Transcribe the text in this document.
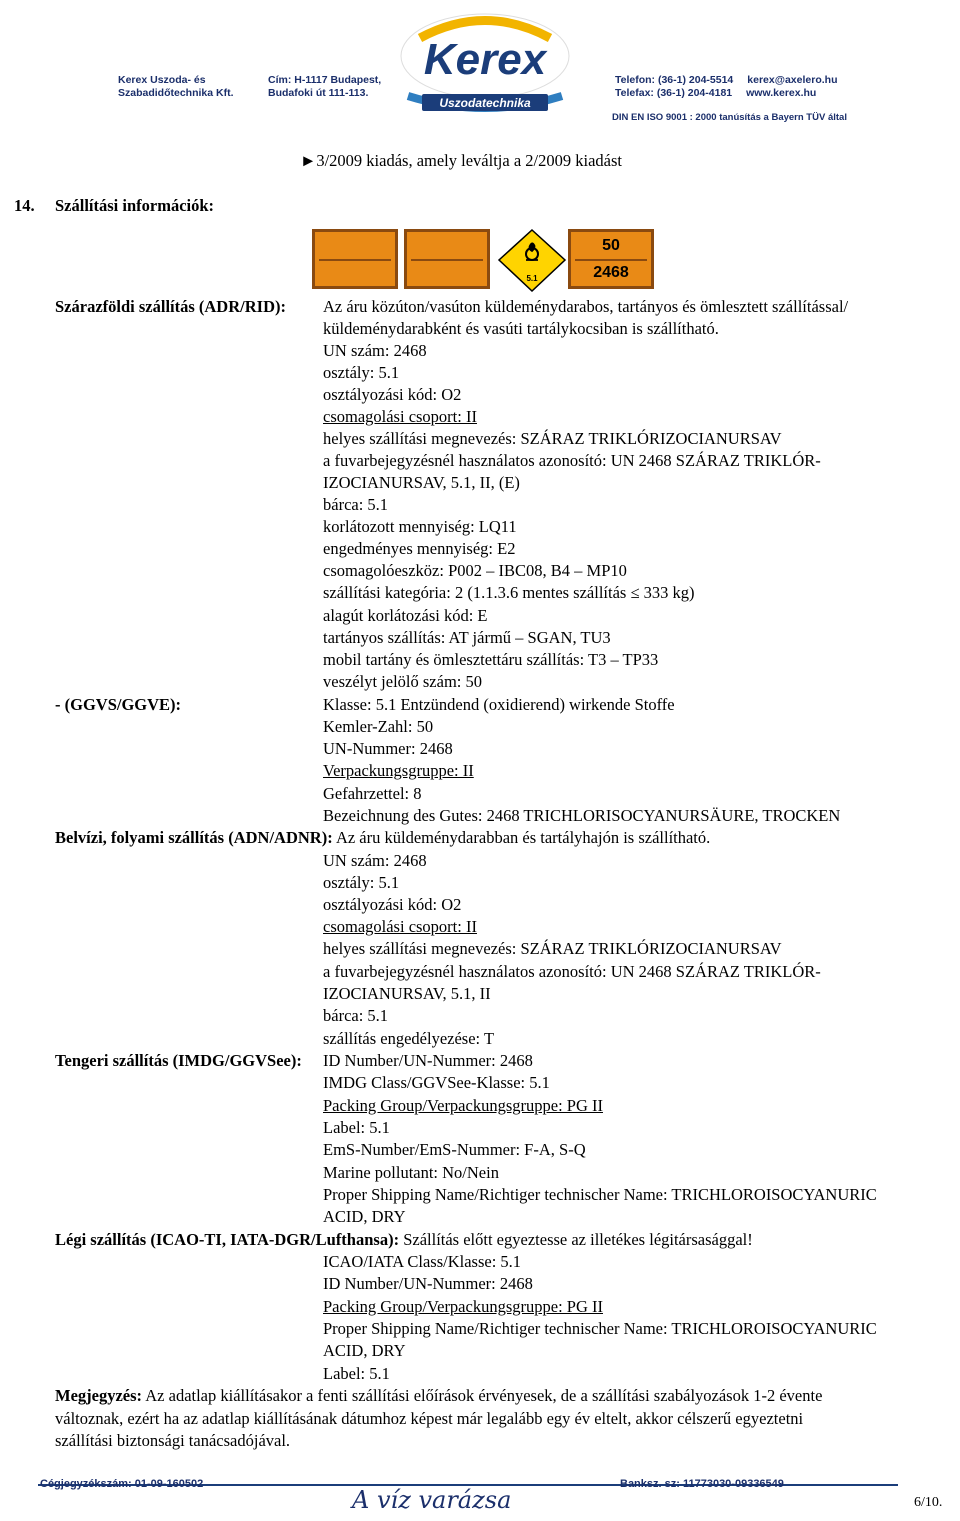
Kerex
Uszodatechnika
Kerex Uszoda- és
Szabadidőtechnika Kft.
Cím: H-1117 Budapest,
Budafoki út 111-113.
Telefon: (36-1) 204-5514 kerex@axelero.hu
Telefax: (36-1) 204-4181 www.kerex.hu
DIN EN ISO 9001 : 2000 tanúsítás a Bayern TÜV által
►3/2009 kiadás, amely leváltja a 2/2009 kiadást
14. Szállítási információk:
5.1
50
2468
Szárazföldi szállítás (ADR/RID): Az áru közúton/vasúton küldeménydarabos, tartányos és ömlesztett szállítással/
küldeménydarabként és vasúti tartálykocsiban is szállítható.
UN szám: 2468
osztály: 5.1
osztályozási kód: O2
csomagolási csoport: II
helyes szállítási megnevezés: SZÁRAZ TRIKLÓRIZOCIANURSAV
a fuvarbejegyzésnél használatos azonosító: UN 2468 SZÁRAZ TRIKLÓR-
IZOCIANURSAV, 5.1, II, (E)
bárca: 5.1
korlátozott mennyiség: LQ11
engedményes mennyiség: E2
csomagolóeszköz: P002 – IBC08, B4 – MP10
szállítási kategória: 2 (1.1.3.6 mentes szállítás ≤ 333 kg)
alagút korlátozási kód: E
tartányos szállítás: AT jármű – SGAN, TU3
mobil tartány és ömlesztettáru szállítás: T3 – TP33
veszélyt jelölő szám: 50
- (GGVS/GGVE):	Klasse: 5.1 Entzündend (oxidierend) wirkende Stoffe
Kemler-Zahl: 50
UN-Nummer: 2468
Verpackungsgruppe: II
Gefahrzettel: 8
Bezeichnung des Gutes: 2468 TRICHLORISOCYANURSÄURE, TROCKEN
Belvízi, folyami szállítás (ADN/ADNR): Az áru küldeménydarabban és tartályhajón is szállítható.
UN szám: 2468
osztály: 5.1
osztályozási kód: O2
csomagolási csoport: II
helyes szállítási megnevezés: SZÁRAZ TRIKLÓRIZOCIANURSAV
a fuvarbejegyzésnél használatos azonosító: UN 2468 SZÁRAZ TRIKLÓR-
IZOCIANURSAV, 5.1, II
bárca: 5.1
szállítás engedélyezése: T
Tengeri szállítás (IMDG/GGVSee): ID Number/UN-Nummer: 2468
IMDG Class/GGVSee-Klasse: 5.1
Packing Group/Verpackungsgruppe: PG II
Label: 5.1
EmS-Number/EmS-Nummer: F-A, S-Q
Marine pollutant: No/Nein
Proper Shipping Name/Richtiger technischer Name: TRICHLOROISOCYANURIC
ACID, DRY
Légi szállítás (ICAO-TI, IATA-DGR/Lufthansa): Szállítás előtt egyeztesse az illetékes légitársasággal!
ICAO/IATA Class/Klasse: 5.1
ID Number/UN-Nummer: 2468
Packing Group/Verpackungsgruppe: PG II
Proper Shipping Name/Richtiger technischer Name: TRICHLOROISOCYANURIC
ACID, DRY
Label: 5.1
Megjegyzés: Az adatlap kiállításakor a fenti szállítási előírások érvényesek, de a szállítási szabályozások 1-2 évente
változnak, ezért ha az adatlap kiállításának dátumhoz képest már legalább egy év eltelt, akkor célszerű egyeztetni
szállítási biztonsági tanácsadójával.
Cégjegyzékszám: 01-09-160502
A víz varázsa
Banksz. sz: 11773030-09336549
6/10.
